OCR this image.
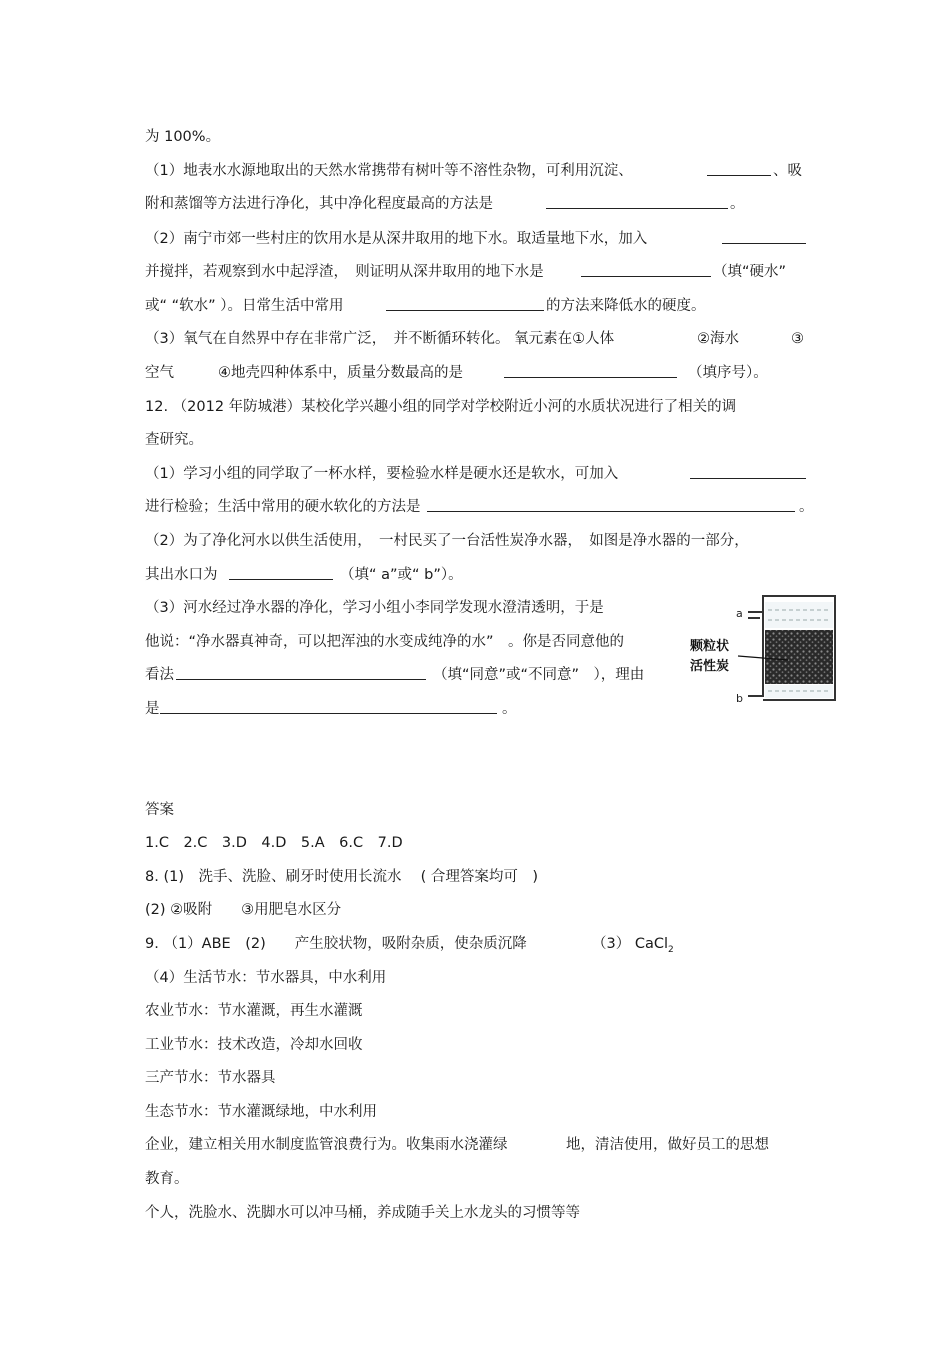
为 100%。
（1）地表水水源地取出的天然水常携带有树叶等不溶性杂物，可利用沉淀、	、吸
附和蒸馏等方法进行净化，其中净化程度最高的方法是	。
（2）南宁市郊一些村庄的饮用水是从深井取用的地下水。取适量地下水，加入
并搅拌，若观察到水中起浮渣，　则证明从深井取用的地下水是	（填“硬水”
或“ “软水” ）。日常生活中常用	的方法来降低水的硬度。
（3）氧气在自然界中存在非常广泛，　并不断循环转化。 氧元素在①人体	②海水	③
空气	④地壳四种体系中，质量分数最高的是	（填序号）。
12. （2012 年防城港）某校化学兴趣小组的同学对学校附近小河的水质状况进行了相关的调
查研究。
（1）学习小组的同学取了一杯水样，要检验水样是硬水还是软水，可加入
进行检验；生活中常用的硬水软化的方法是	。
（2）为了净化河水以供生活使用，　一村民买了一台活性炭净水器，　如图是净水器的一部分，
其出水口为	（填“ a”或“ b”）。
（3）河水经过净水器的净化，学习小组小李同学发现水澄清透明，于是
他说：“净水器真神奇，可以把浑浊的水变成纯净的水”　。你是否同意他的
看法	（填“同意”或“不同意”　），理由
是	。
a
b
颗粒状
活性炭
答案
1.C　2.C　3.D　4.D　5.A　6.C　7.D
8. (1)　洗手、洗脸、刷牙时使用长流水　 ( 合理答案均可　)
(2) ②吸附　　③用肥皂水区分
9. （1）ABE　(2)　　产生胶状物，吸附杂质，使杂质沉降	（3） CaCl$_2$
（4）生活节水：节水器具，中水利用
农业节水：节水灌溉，再生水灌溉
工业节水：技术改造，冷却水回收
三产节水：节水器具
生态节水：节水灌溉绿地，中水利用
企业，建立相关用水制度监管浪费行为。收集雨水浇灌绿	地，清洁使用，做好员工的思想
教育。
个人，洗脸水、洗脚水可以冲马桶，养成随手关上水龙头的习惯等等
